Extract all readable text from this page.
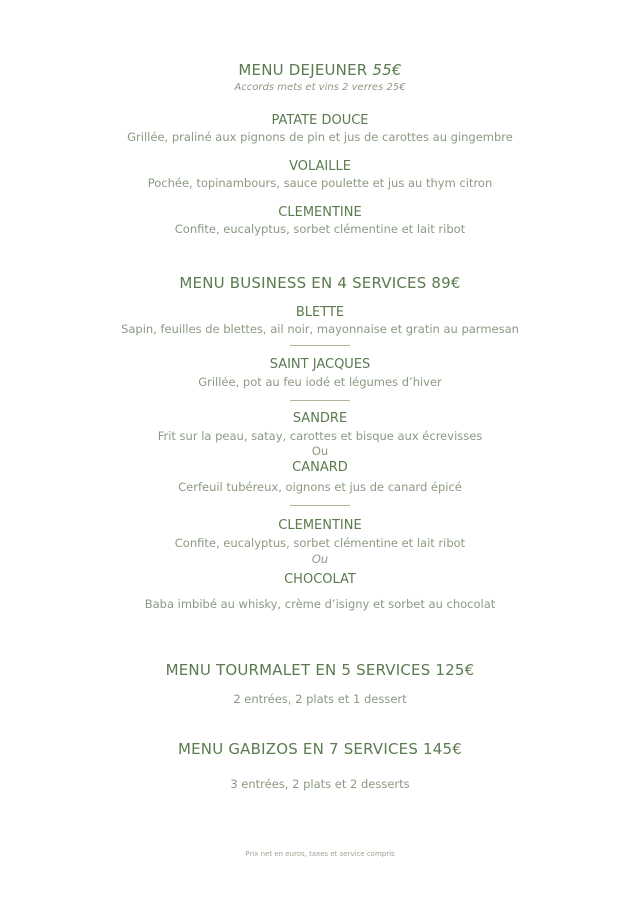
MENU DEJEUNER 55€
Accords mets et vins 2 verres 25€
PATATE DOUCE
Grillée, praliné aux pignons de pin et jus de carottes au gingembre
VOLAILLE
Pochée, topinambours, sauce poulette et jus au thym citron
CLEMENTINE
Confite, eucalyptus, sorbet clémentine et lait ribot
MENU BUSINESS EN 4 SERVICES 89€
BLETTE
Sapin, feuilles de blettes, ail noir, mayonnaise et gratin au parmesan
SAINT JACQUES
Grillée, pot au feu iodé et légumes d’hiver
SANDRE
Frit sur la peau, satay, carottes et bisque aux écrevisses
Ou
CANARD
Cerfeuil tubéreux, oignons et jus de canard épicé
CLEMENTINE
Confite, eucalyptus, sorbet clémentine et lait ribot
Ou
CHOCOLAT
Baba imbibé au whisky, crème d’isigny et sorbet au chocolat
MENU TOURMALET EN 5 SERVICES 125€
2 entrées, 2 plats et 1 dessert
MENU GABIZOS EN 7 SERVICES 145€
3 entrées, 2 plats et 2 desserts
Prix net en euros, taxes et service compris
